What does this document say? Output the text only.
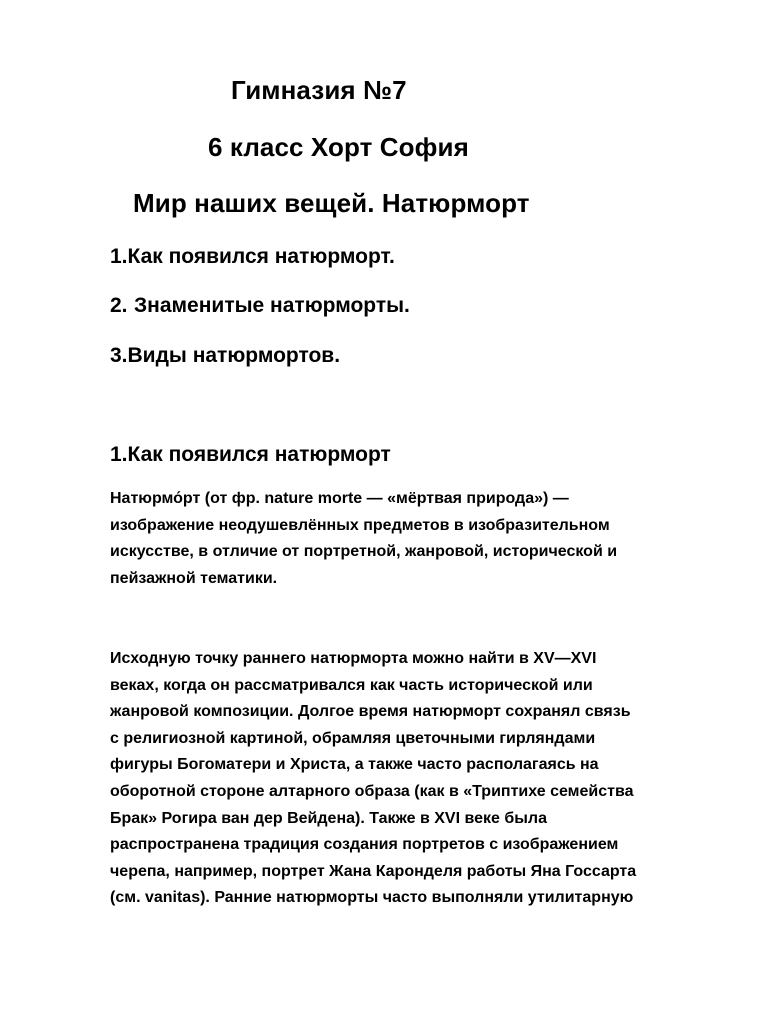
Гимназия №7
6 класс Хорт София
Мир наших вещей. Натюрморт
1.Как появился натюрморт.
2. Знаменитые натюрморты.
3.Виды натюрмортов.
1.Как появился натюрморт
Натюрмо́рт (от фр. nature morte — «мёртвая природа») —
изображение неодушевлённых предметов в изобразительном
искусстве, в отличие от портретной, жанровой, исторической и
пейзажной тематики.
Исходную точку раннего натюрморта можно найти в XV—XVI
веках, когда он рассматривался как часть исторической или
жанровой композиции. Долгое время натюрморт сохранял связь
с религиозной картиной, обрамляя цветочными гирляндами
фигуры Богоматери и Христа, а также часто располагаясь на
оборотной стороне алтарного образа (как в «Триптихе семейства
Брак» Рогира ван дер Вейдена). Также в XVI веке была
распространена традиция создания портретов с изображением
черепа, например, портрет Жана Каронделя работы Яна Госсарта
(см. vanitas). Ранние натюрморты часто выполняли утилитарную
